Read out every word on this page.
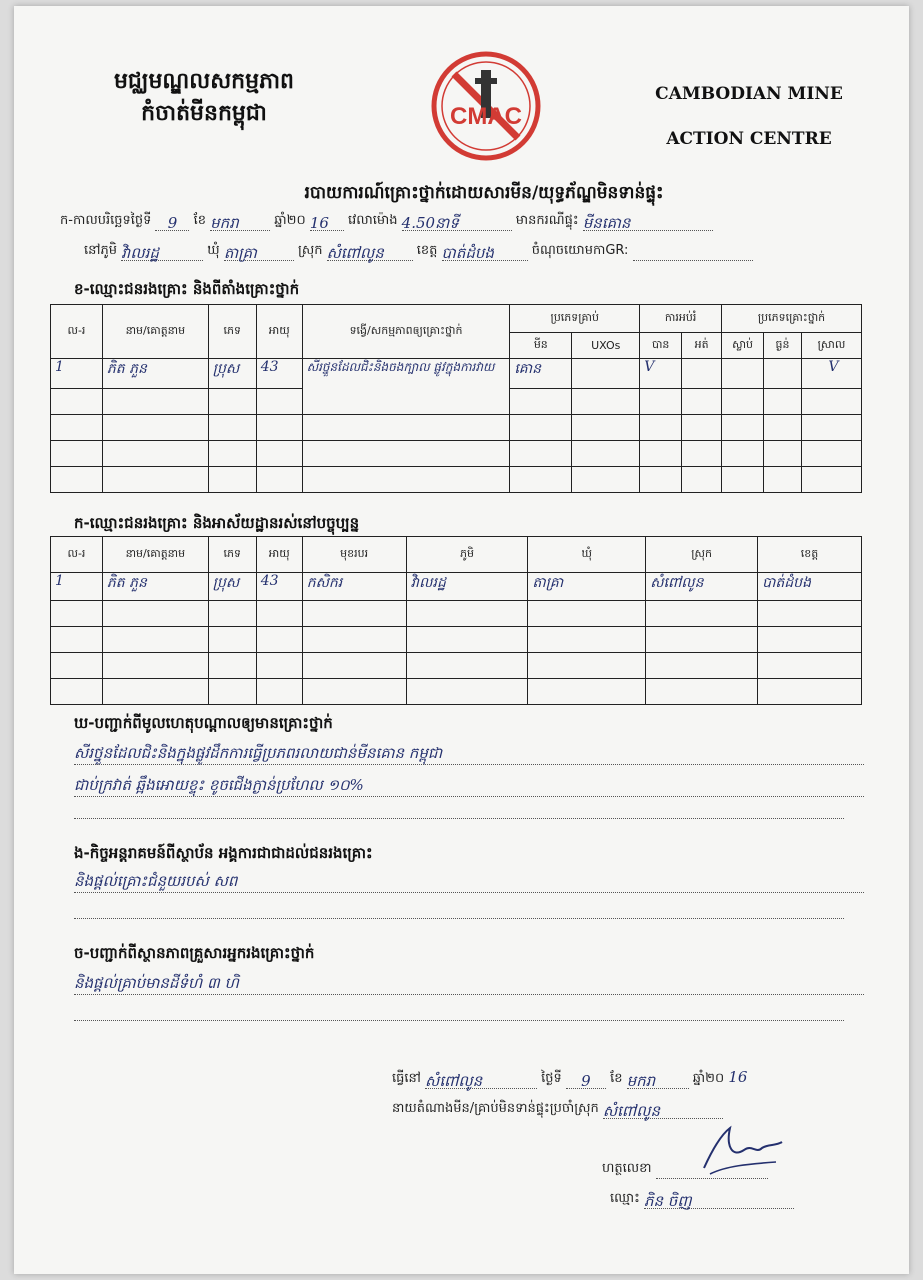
មជ្ឈមណ្ឌលសកម្មភាព
កំចាត់មីនកម្ពុជា	CMAC
CAMBODIAN MINE
ACTION CENTRE
របាយការណ៍គ្រោះថ្នាក់ដោយសារមីន/យុទ្ធភ័ណ្ឌមិនទាន់ផ្ទុះ
ក-កាលបរិច្ឆេទថ្ងៃទី 9 ខែ មករា	ឆ្នាំ២០ 16 វេលាម៉ោង 4.50នាទី	មានករណីផ្ទុះ មីនគោន
នៅភូមិ វិាលរដ្ឋ	ឃុំ តាគ្រា	ស្រុក សំពៅលូន	ខេត្ត បាត់ដំបង	ចំណុចយោមកាGR:
ខ-ឈ្មោះជនរងគ្រោះ និងពីតាំងគ្រោះថ្នាក់
ល-រ	នាម/គោត្តនាម	ភេទ	អាយុ	ទង្វើ/សកម្មភាពឲ្យគ្រោះថ្នាក់	ប្រភេទគ្រាប់		ការអប់រំ		ប្រភេទគ្រោះថ្នាក់		
					មីន	UXOs	បាន	អត់	ស្លាប់	ធ្ងន់	ស្រាល
1	ភិត ភួន	ប្រុស	43	សីរថ្នួនដែលជិះនិងចងក្បាល ផ្លូវក្នុងការវាយ	គោន		V				V

ក-ឈ្មោះជនរងគ្រោះ និងអាស័យដ្ឋានរស់នៅបច្ចុប្បន្ន
ល-រ	នាម/គោត្តនាម	ភេទ	អាយុ	មុខរបរ	ភូមិ	ឃុំ	ស្រុក	ខេត្ត
1	ភិត ភួន	ប្រុស	43	កសិករ	វិាលរដ្ឋ	តាគ្រា	សំពៅលូន	បាត់ដំបង

ឃ-បញ្ជាក់ពីមូលហេតុបណ្ដាលឲ្យមានគ្រោះថ្នាក់
សីរថ្នួនដែលជិះនិងក្នុងផ្លូវដឹកការធ្វើប្រភពរលាយជាន់មីនគោន កម្ពុជា
ជាប់ក្រវាត់ ឆ្អឹងអោយខ្ទុះ ខូចជើងក្ងាន់ប្រហែល ១០%
ង-កិច្ចអន្តរាគមន៍ពីស្ថាប័ន អង្គការជាជាដល់ជនរងគ្រោះ
និងផ្ដល់គ្រោះជំនួយរបស់ សព
ច-បញ្ជាក់ពីស្ថានភាពគ្រួសារអ្នករងគ្រោះថ្នាក់
និងផ្ដល់គ្រាប់មានដីទំហំ ៣ ហិ
ធ្វើនៅ សំពៅលូន	ថ្ងៃទី 9 ខែ មករា	ឆ្នាំ២០ 16
នាយតំណាងមីន/គ្រាប់មិនទាន់ផ្ទុះប្រចាំស្រុក សំពៅលូន
ហត្ថលេខា
ឈ្មោះ ភិន ចិញ
